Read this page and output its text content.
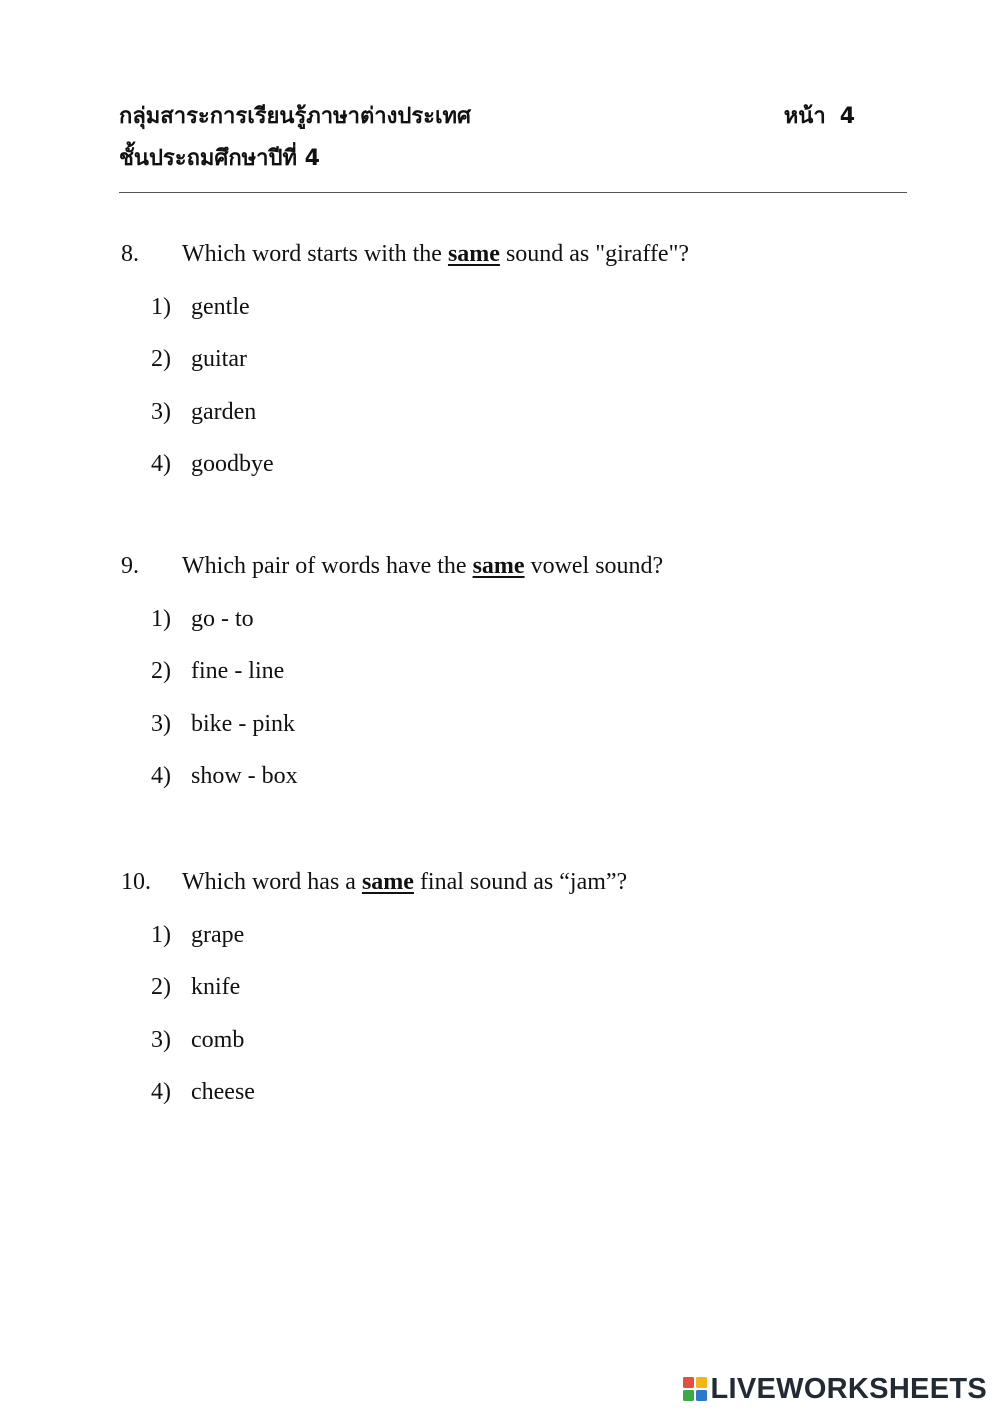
กลุ่มสาระการเรียนรู้ภาษาต่างประเทศ	หน้า 4
ชั้นประถมศึกษาปีที่ 4
8. Which word starts with the same sound as "giraffe"?
1) gentle
2) guitar
3) garden
4) goodbye
9. Which pair of words have the same vowel sound?
1) go - to
2) fine - line
3) bike - pink
4) show - box
10. Which word has a same final sound as “jam”?
1) grape
2) knife
3) comb
4) cheese
LIVEWORKSHEETS
